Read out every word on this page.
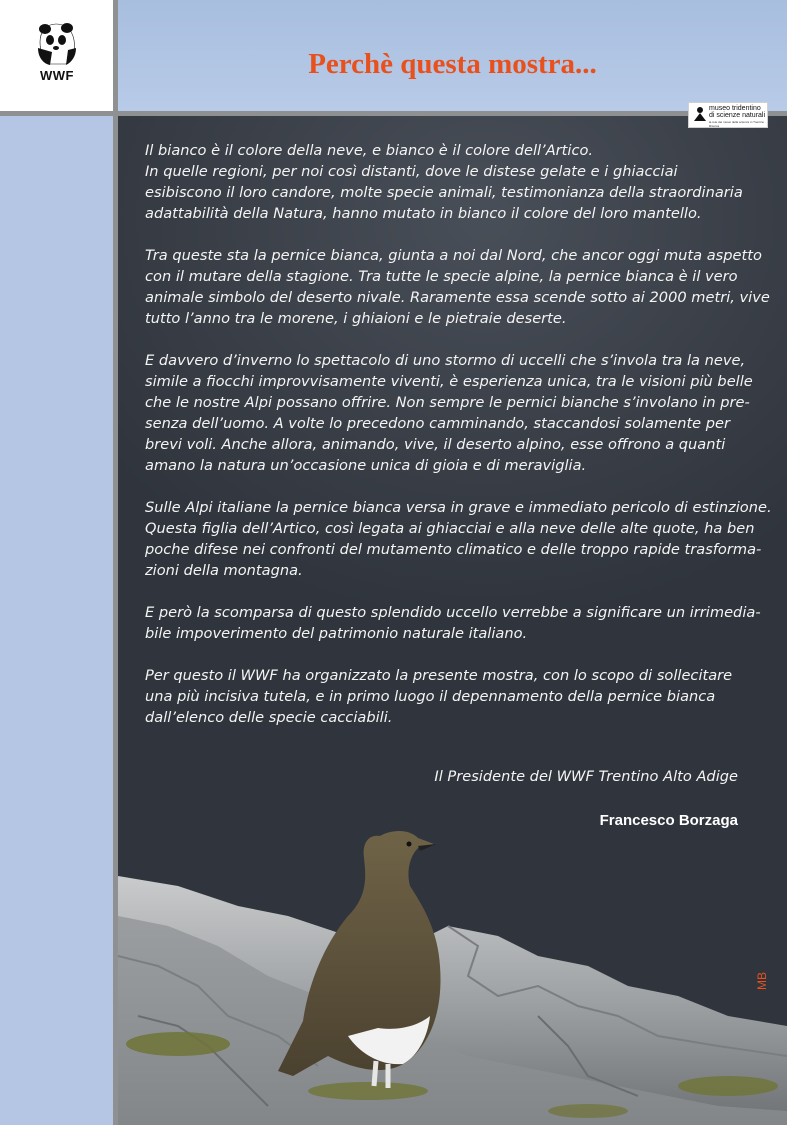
WWF	Perchè questa mostra...
museo tridentino
di scienze naturali
la rete dei musei della scienza in Trentino · Ricerca

Il bianco è il colore della neve, e bianco è il colore dell’Artico.
In quelle regioni, per noi così distanti, dove le distese gelate e i ghiacciai
esibiscono il loro candore, molte specie animali, testimonianza della straordinaria
adattabilità della Natura, hanno mutato in bianco il colore del loro mantello.

Tra queste sta la pernice bianca, giunta a noi dal Nord, che ancor oggi muta aspetto
con il mutare della stagione. Tra tutte le specie alpine, la pernice bianca è il vero
animale simbolo del deserto nivale. Raramente essa scende sotto ai 2000 metri, vive
tutto l’anno tra le morene, i ghiaioni e le pietraie deserte.

E davvero d’inverno lo spettacolo di uno stormo di uccelli che s’invola tra la neve,
simile a fiocchi improvvisamente viventi, è esperienza unica, tra le visioni più belle
che le nostre Alpi possano offrire. Non sempre le pernici bianche s’involano in pre-
senza dell’uomo. A volte lo precedono camminando, staccandosi solamente per
brevi voli. Anche allora, animando, vive, il deserto alpino, esse offrono a quanti
amano la natura un’occasione unica di gioia e di meraviglia.

Sulle Alpi italiane la pernice bianca versa in grave e immediato pericolo di estinzione.
Questa figlia dell’Artico, così legata ai ghiacciai e alla neve delle alte quote, ha ben
poche difese nei confronti del mutamento climatico e delle troppo rapide trasforma-
zioni della montagna.

E però la scomparsa di questo splendido uccello verrebbe a significare un irrimedia-
bile impoverimento del patrimonio naturale italiano.

Per questo il WWF ha organizzato la presente mostra, con lo scopo di sollecitare
una più incisiva tutela, e in primo luogo il depennamento della pernice bianca
dall’elenco delle specie cacciabili.

Il Presidente del WWF Trentino Alto Adige
Francesco Borzaga
MB
